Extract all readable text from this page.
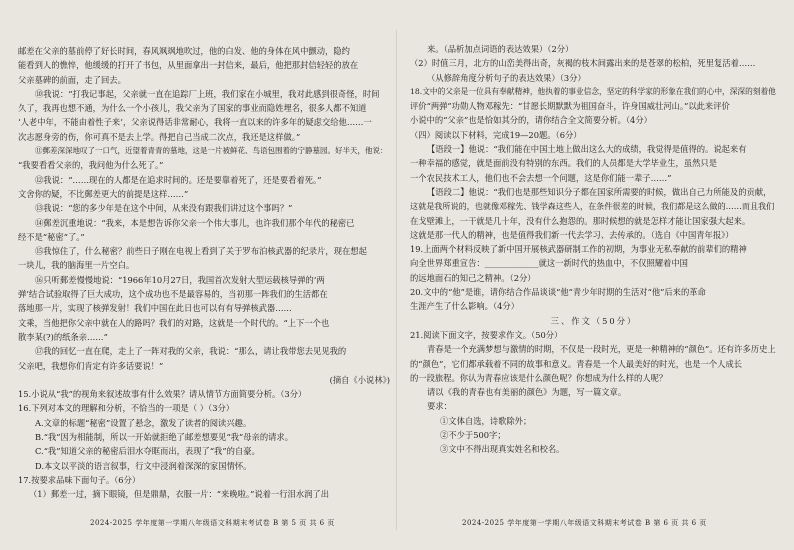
邮差在父亲的墓前停了好长时间，春风飒飒地吹过，他的白发、他的身体在风中颤动，隐约

能看到人的憔悴，他缓缓的打开了书包，从里面拿出一封信来，最后，他把那封信轻轻的放在

父亲墓碑的前面，走了回去。

⑩我说：“打我记事起，父亲就一直在追踪厂上班，我们家在小城里，我对此感到很奇怪，时间

久了，我再也想不通，为什么一个小孩儿，我父亲为了国家的事业而隐姓埋名，很多人都不知道

‘人老中年，不能由着性子来’，父亲说得话非常耐心，我将一直以来的许多年的疑虑交给他……一

次志愿身旁的伤，你可真不是去上学。得把自己当成二次点，我还是这样做。”

⑪郵差深深地叹了一口气，近望着青青的墓地，这是一片被鲜花、鸟语包围着的宁静墓园。好半天，他说：

“我要看看父亲的，我问他为什么死了。”

⑫我说：“……现在的人都是在追求时间的。还是要靠着死了，还是要看着死。”

文舍你的疑，不比郵差更大的前提是这样……”

⑬我说：“您的多少年是在这个中间，从来没有跟我们讲过这个事吗？”

⑭郵差沉重地说：“我来，本是想告诉你父亲一个伟大事儿，也许我们那个年代的秘密已

经不是“秘密”了。”

⑮我惊住了，什么秘密？前些日子刚在电视上看到了关于罗布泊核武器的纪录片，现在想起

一块儿，我的脑海里一片空白。

⑯只听郵差慢慢地说：“1966年10月27日，我国首次发射大型运载核导弹的‘两

弹’结合试验取得了巨大成功，这个成功也不是最容易的，当初那一阵我们的生活都在

落地那一片，实现了核弹发射！我们中国在此日也可以有有导弹核武器……

文乘，当他把你父亲中就在人的路吗？我们的对路，这就是一个时代的。“上下一个也

散李某(?)的纸条亲……”

⑰我的回忆一直在爬，走上了一阵对我的父亲，我说：“那么，请让我带您去见见我的

父亲吧，我想你们肯定有许多话要说！”

(摘自《小说林》)

15.小说从“我”的视角来叙述故事有什么效果？请从情节方面简要分析。（3分）

16.下列对本文的理解和分析，不恰当的一项是（ ）（3分）

A.文章的标题“秘密”设置了悬念，激发了读者的阅读兴趣。

B.“我”因为相能制，所以一开始就拒绝了邮差想要见“我”母亲的请求。

C.“我”知道父亲的秘密后泪水夺眶而出，表现了“我”的自豪。

D.本文以平淡的语言叙事，行文中浸润着深深的家国情怀。

17.按要求品味下面句子。（6分）

（1）郵差一过，摘下眼镜，但是鼎鼎，衣服一片：“来晚啦。”说着一行泪水润了出

2024-2025 学年度第一学期八年级语文科期末考试卷 B 第 5 页 共 6 页

来。（品析加点词语的表达效果）（2分）

（2）时值三月，北方的山峦美得出奇，灰褐的枝木间露出来的是苍翠的松柏，死里复活着……

（从修辞角度分析句子的表达效果）（3分）

18.文中的父亲是一位具有奉献精神，他执着的事业信念，坚定的科学家的形象在我们的心中，深深的刻着他

评价“两弹”功勋人物邓稼先：“甘愿长期默默为祖国奋斗，许身国威壮河山。”以此来评价

小说中的“父亲”也是恰如其分的，请你结合全文简要分析。（4分）

（四）阅读以下材料，完成19—20题。（6分）

【语段一】他说：“我们能在中国土地上做出这么大的成绩，我觉得是值得的。说起来有

一种幸福的感觉，就是面前没有特别的东西。我们的人员都是大学毕业生，虽然只是

一个农民技术工人，他们也不会去想一个问题，这是你们能一辈子……”

【语段二】他说：“我们也是那些知识分子都在国家所需要的时候，做出自己力所能及的贡献，

这就是我所说的，也就像邓稼先、钱学森这些人，在条件很差的时候，我们都是这么做的……而且我们

在戈壁滩上，一干就是几十年，没有什么抱怨的。那时候想的就是怎样才能让国家强大起来。

这就是那一代人的精神，也是值得我们新一代去学习、去传承的。（选自《中国青年报》）

19.上面两个材料反映了新中国开展核武器研制工作的初期，为事业无私奉献的前辈们的精神

向全世界郑重宣告：_____________就这一新时代的热血中，不仅照耀着中国

的远地面石的知己之精神。（2分）

20.文中的“他”是谁，请你结合作品谈谈“他”青少年时期的生活对“他”后来的革命

生涯产生了什么影响。（4分）

三、作文（50分）

21.阅读下面文字，按要求作文。（50分）

青春是一个充满梦想与激情的时期，不仅是一段时光，更是一种精神的“颜色”。还有许多历史上

的“颜色”，它们都承载着不同的故事和意义。青春是一个人最美好的时光，也是一个人成长

的一段旅程。你认为青春应该是什么颜色呢？你想成为什么样的人呢？

请以《我的青春也有美丽的颜色》为题，写一篇文章。

要求：

①文体自选，诗歌除外；

②不少于500字；

③文中不得出现真实姓名和校名。

2024-2025 学年度第一学期八年级语文科期末考试卷 B 第 6 页 共 6 页
